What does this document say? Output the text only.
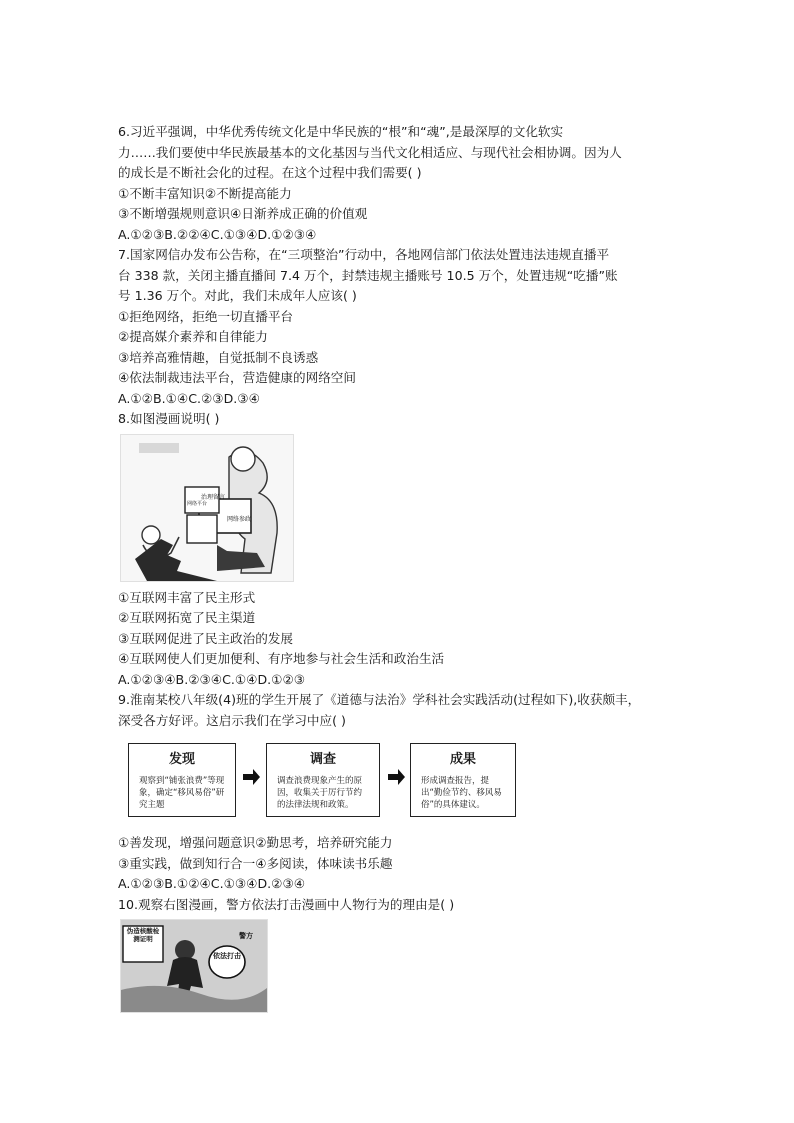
6.习近平强调，中华优秀传统文化是中华民族的“根”和“魂”,是最深厚的文化软实
力……我们要使中华民族最基本的文化基因与当代文化相适应、与现代社会相协调。因为人
的成长是不断社会化的过程。在这个过程中我们需要( )
①不断丰富知识②不断提高能力
③不断增强规则意识④日渐养成正确的价值观
A.①②③B.②②④C.①③④D.①②③④
7.国家网信办发布公告称，在“三项整治”行动中，各地网信部门依法处置违法违规直播平
台 338 款，关闭主播直播间 7.4 万个，封禁违规主播账号 10.5 万个，处置违规“吃播”账
号 1.36 万个。对此，我们未成年人应该( )
①拒绝网络，拒绝一切直播平台
②提高媒介素养和自律能力
③培养高雅情趣，自觉抵制不良诱惑
④依法制裁违法平台，营造健康的网络空间
A.①②B.①④C.②③D.③④
8.如图漫画说明( )
治理留言
网络平台
网络参政
①互联网丰富了民主形式
②互联网拓宽了民主渠道
③互联网促进了民主政治的发展
④互联网使人们更加便利、有序地参与社会生活和政治生活
A.①②③④B.②③④C.①④D.①②③
9.淮南某校八年级(4)班的学生开展了《道德与法治》学科社会实践活动(过程如下),收获颇丰，
深受各方好评。这启示我们在学习中应( )
发现
观察到“铺张浪费”等现象，确定“移风易俗”研究主题
调查
调查浪费现象产生的原因，收集关于厉行节约的法律法规和政策。
成果
形成调查报告，提出“勤俭节约、移风易俗”的具体建议。
①善发现，增强问题意识②勤思考，培养研究能力
③重实践，做到知行合一④多阅读，体味读书乐趣
A.①②③B.①②④C.①③④D.②③④
10.观察右图漫画，警方依法打击漫画中人物行为的理由是( )
伪造核酸检测证明
依法打击
警方
